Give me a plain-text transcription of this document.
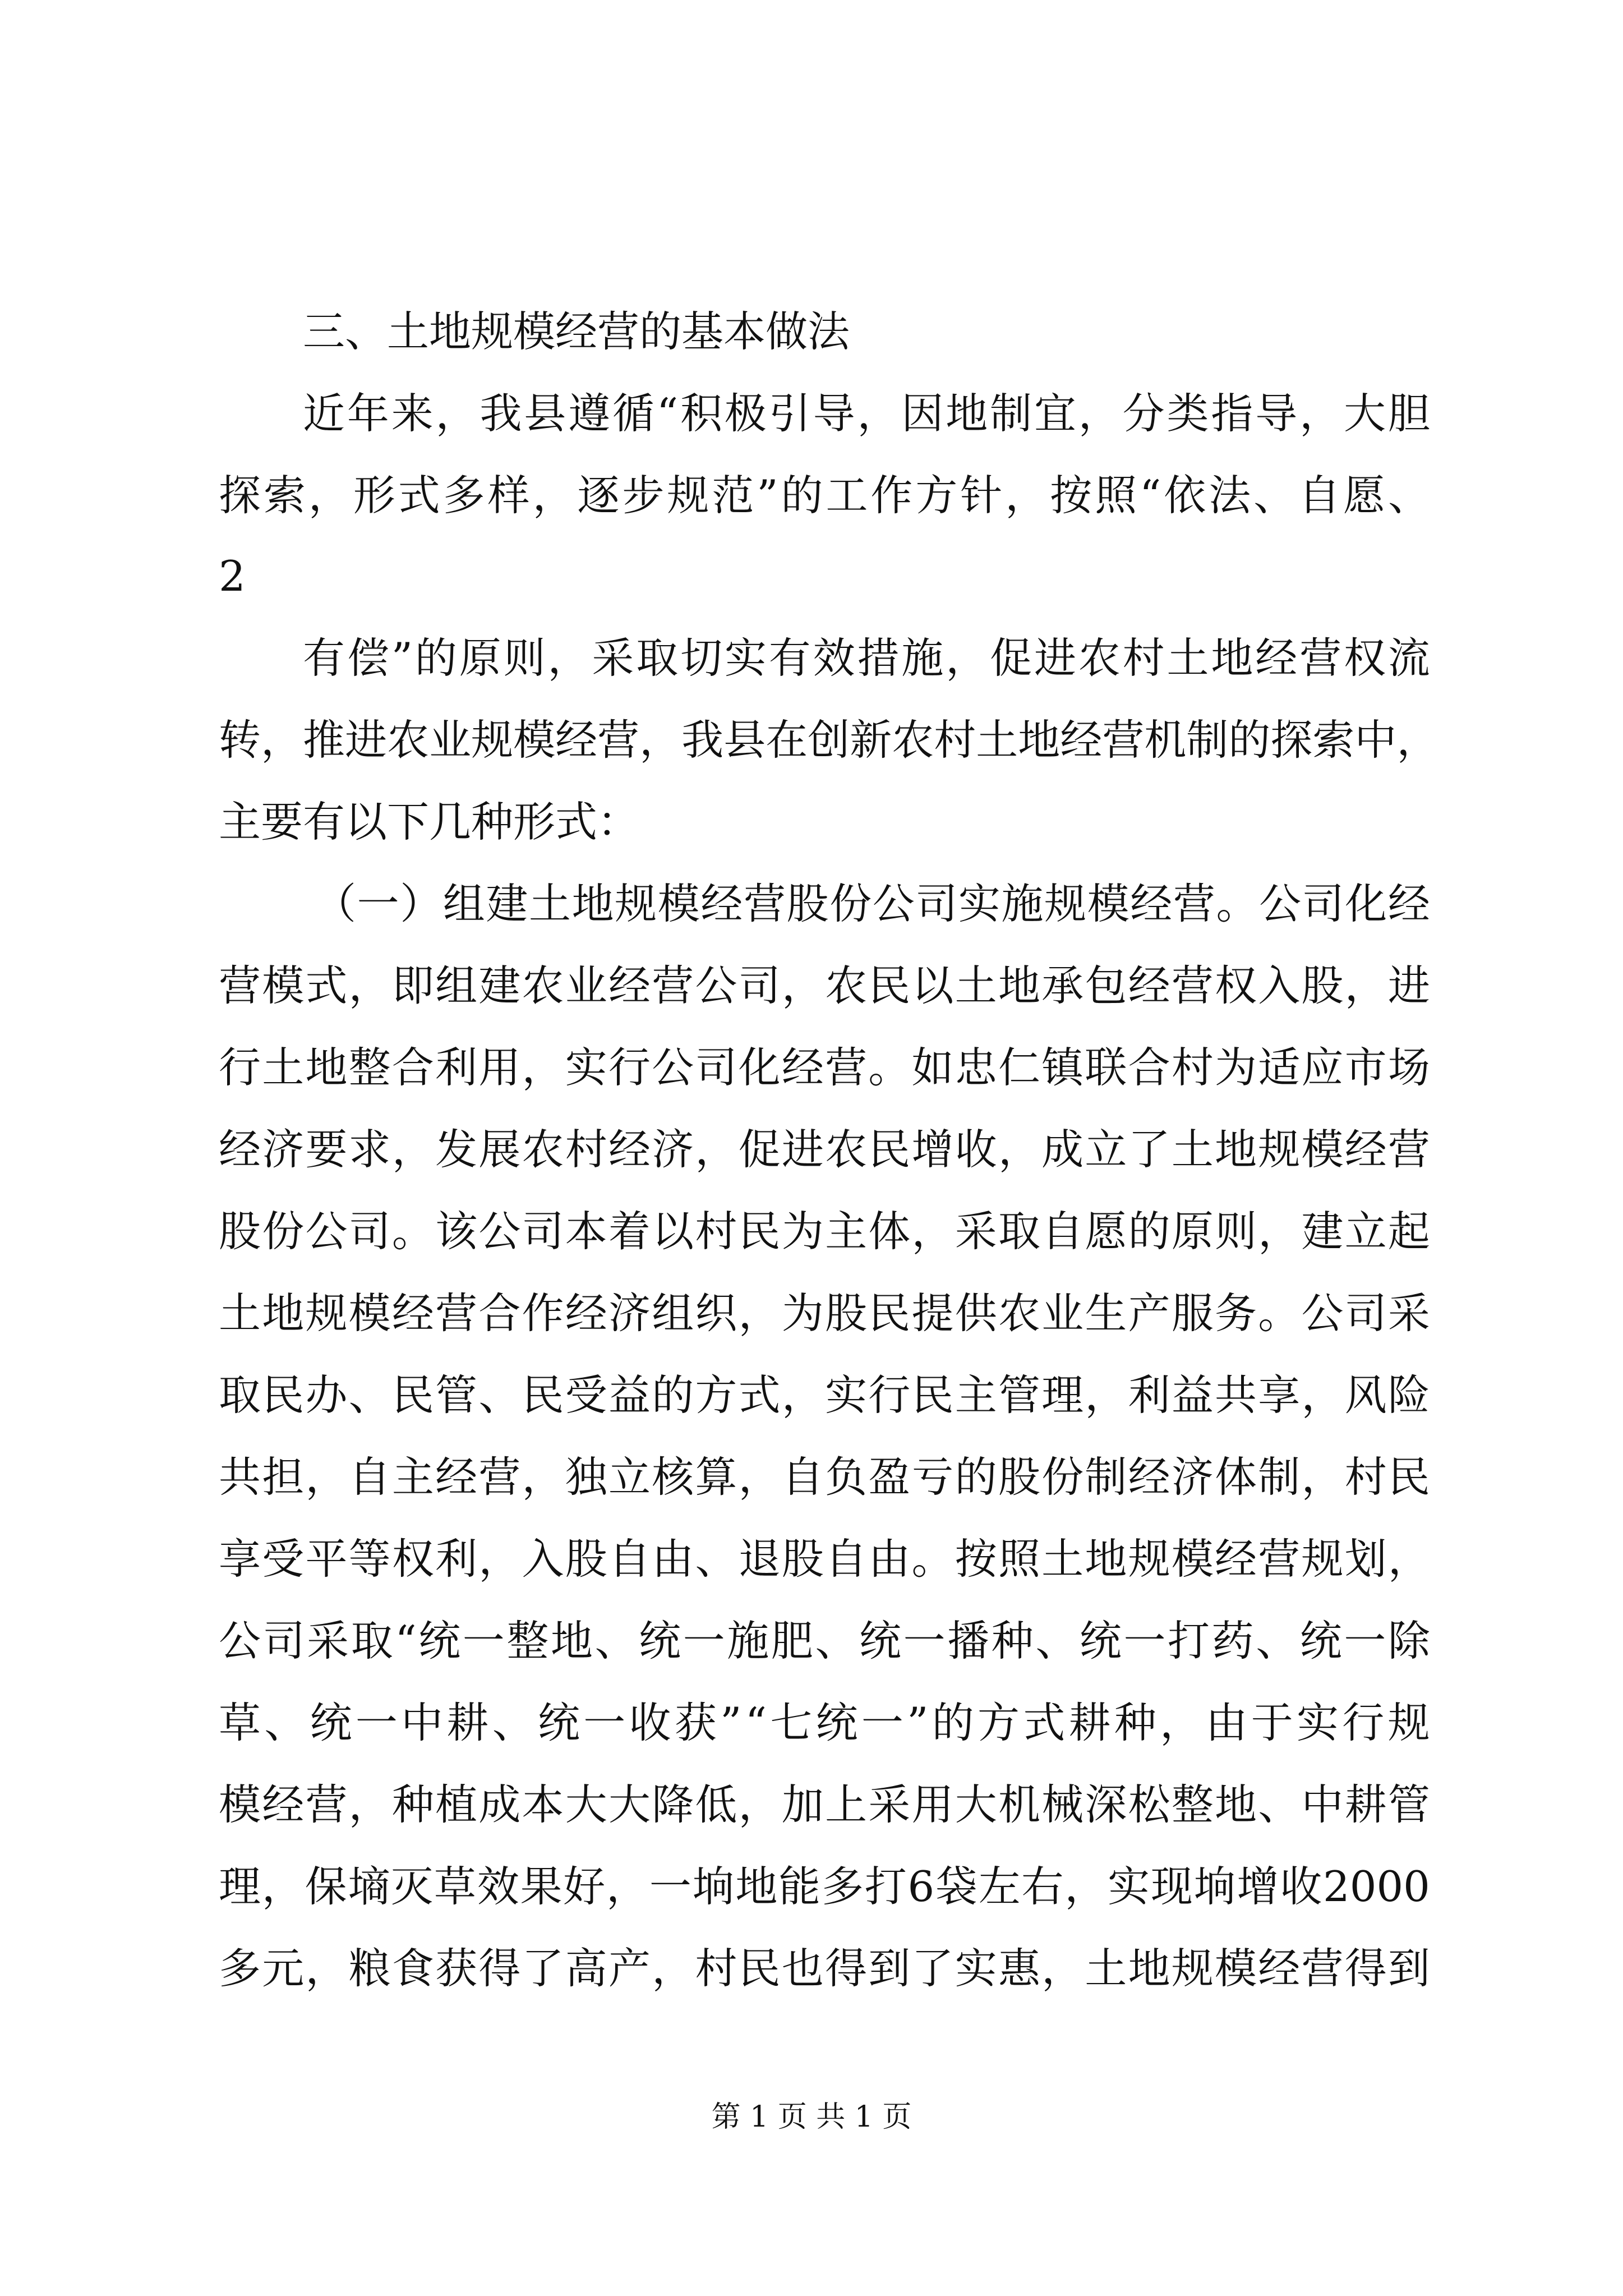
三、土地规模经营的基本做法
近 年 来 ， 我 县 遵 循 “ 积 极 引 导 ， 因 地 制 宜 ， 分 类 指 导 ， 大 胆
探 索 ， 形 式 多 样 ， 逐 步 规 范 ” 的 工 作 方 针 ， 按 照 “ 依 法 、 自 愿 、
2
有 偿 ” 的 原 则 ， 采 取 切 实 有 效 措 施 ， 促 进 农 村 土 地 经 营 权 流
转 ， 推 进 农 业 规 模 经 营 ， 我 县 在 创 新 农 村 土 地 经 营 机 制 的 探 索 中 ，
主要有以下几种形式：
（ 一 ） 组 建 土 地 规 模 经 营 股 份 公 司 实 施 规 模 经 营 。 公 司 化 经
营 模 式 ， 即 组 建 农 业 经 营 公 司 ， 农 民 以 土 地 承 包 经 营 权 入 股 ， 进
行 土 地 整 合 利 用 ， 实 行 公 司 化 经 营 。 如 忠 仁 镇 联 合 村 为 适 应 市 场
经 济 要 求 ， 发 展 农 村 经 济 ， 促 进 农 民 增 收 ， 成 立 了 土 地 规 模 经 营
股 份 公 司 。 该 公 司 本 着 以 村 民 为 主 体 ， 采 取 自 愿 的 原 则 ， 建 立 起
土 地 规 模 经 营 合 作 经 济 组 织 ， 为 股 民 提 供 农 业 生 产 服 务 。 公 司 采
取 民 办 、 民 管 、 民 受 益 的 方 式 ， 实 行 民 主 管 理 ， 利 益 共 享 ， 风 险
共 担 ， 自 主 经 营 ， 独 立 核 算 ， 自 负 盈 亏 的 股 份 制 经 济 体 制 ， 村 民
享 受 平 等 权 利 ， 入 股 自 由 、 退 股 自 由 。 按 照 土 地 规 模 经 营 规 划 ，
公 司 采 取 “ 统 一 整 地 、 统 一 施 肥 、 统 一 播 种 、 统 一 打 药 、 统 一 除
草 、 统 一 中 耕 、 统 一 收 获 ” “ 七 统 一 ” 的 方 式 耕 种 ， 由 于 实 行 规
模 经 营 ， 种 植 成 本 大 大 降 低 ， 加 上 采 用 大 机 械 深 松 整 地 、 中 耕 管
理 ， 保 墒 灭 草 效 果 好 ， 一 垧 地 能 多 打 6 袋 左 右 ， 实 现 垧 增 收 2000
多 元 ， 粮 食 获 得 了 高 产 ， 村 民 也 得 到 了 实 惠 ， 土 地 规 模 经 营 得 到
第 1 页 共 1 页
